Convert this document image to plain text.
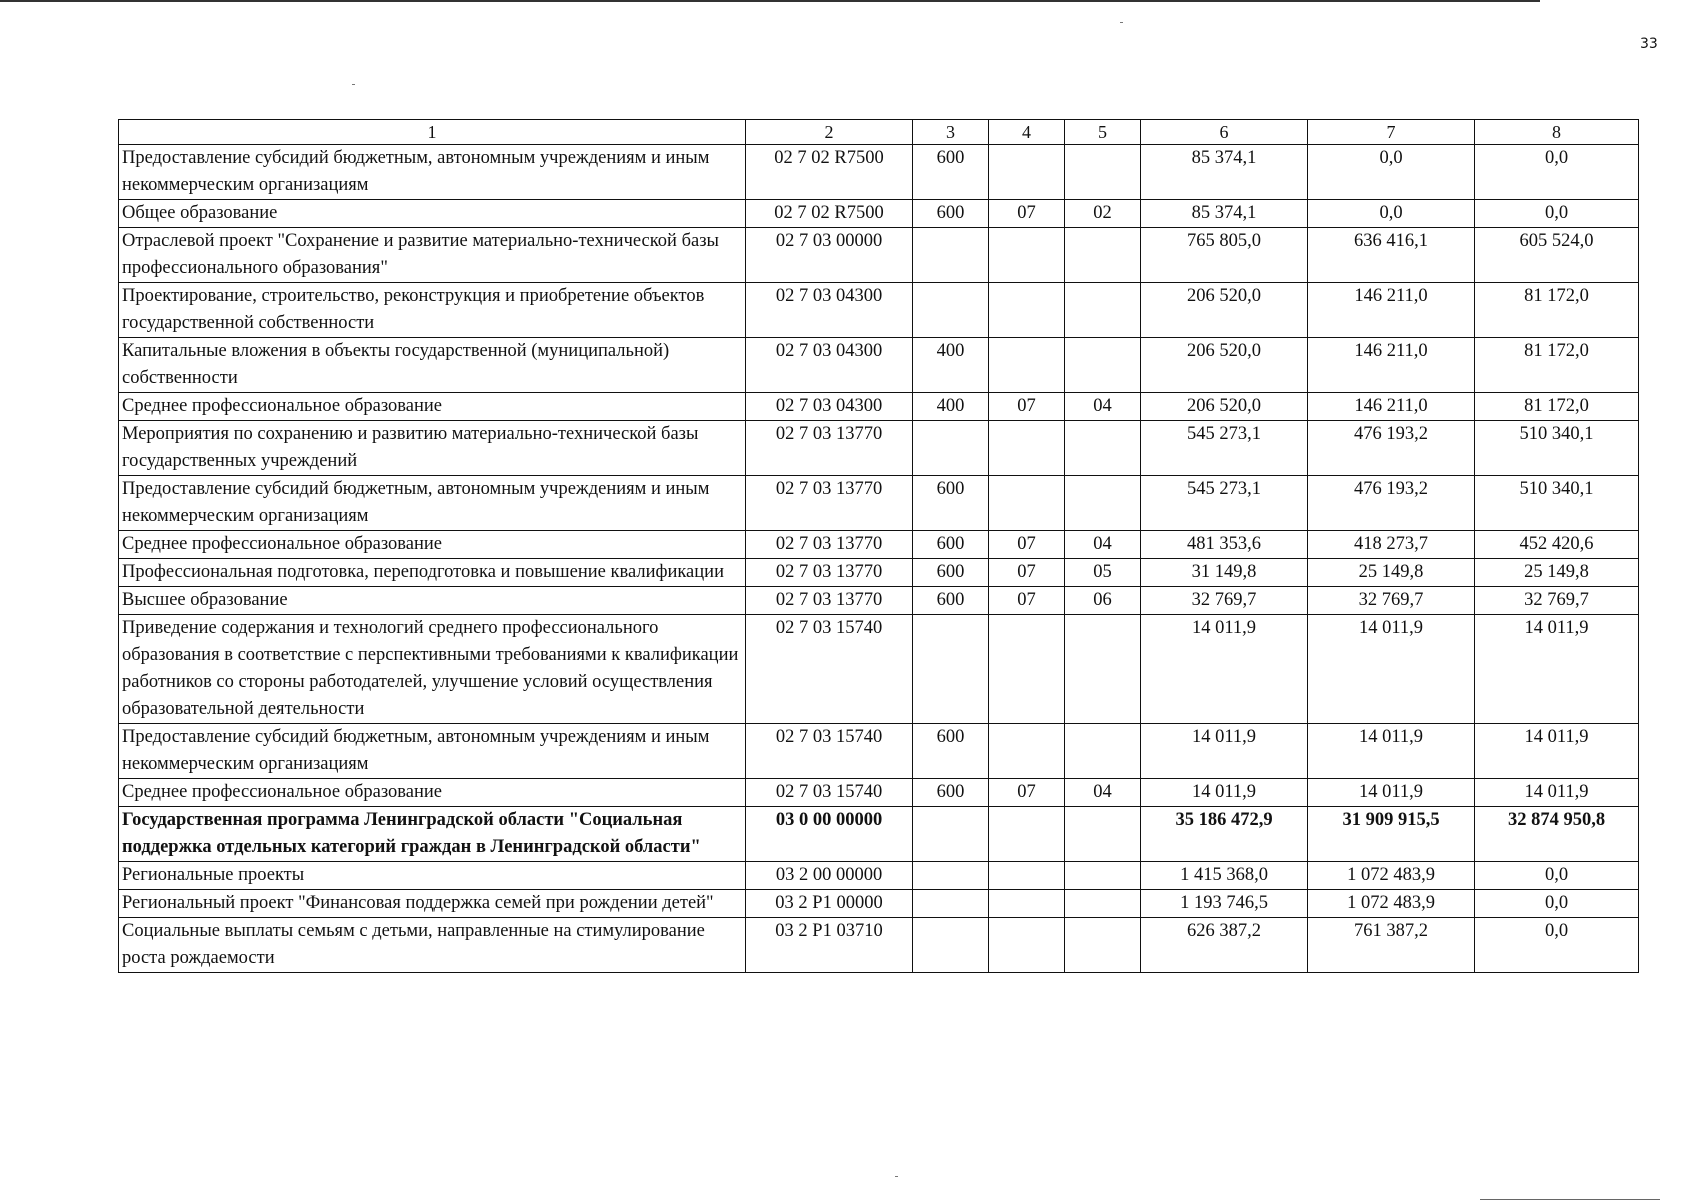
33
1	2	3	4	5	6	7	8
Предоставление субсидий бюджетным, автономным учреждениям и иным некоммерческим организациям	02 7 02 R7500	600			85 374,1	0,0	0,0
Общее образование	02 7 02 R7500	600	07	02	85 374,1	0,0	0,0
Отраслевой проект "Сохранение и развитие материально-технической базы профессионального образования"	02 7 03 00000				765 805,0	636 416,1	605 524,0
Проектирование, строительство, реконструкция и приобретение объектов государственной собственности	02 7 03 04300				206 520,0	146 211,0	81 172,0
Капитальные вложения в объекты государственной (муниципальной) собственности	02 7 03 04300	400			206 520,0	146 211,0	81 172,0
Среднее профессиональное образование	02 7 03 04300	400	07	04	206 520,0	146 211,0	81 172,0
Мероприятия по сохранению и развитию материально-технической базы государственных учреждений	02 7 03 13770				545 273,1	476 193,2	510 340,1
Предоставление субсидий бюджетным, автономным учреждениям и иным некоммерческим организациям	02 7 03 13770	600			545 273,1	476 193,2	510 340,1
Среднее профессиональное образование	02 7 03 13770	600	07	04	481 353,6	418 273,7	452 420,6
Профессиональная подготовка, переподготовка и повышение квалификации	02 7 03 13770	600	07	05	31 149,8	25 149,8	25 149,8
Высшее образование	02 7 03 13770	600	07	06	32 769,7	32 769,7	32 769,7
Приведение содержания и технологий среднего профессионального образования в соответствие с перспективными требованиями к квалификации работников со стороны работодателей, улучшение условий осуществления образовательной деятельности	02 7 03 15740				14 011,9	14 011,9	14 011,9
Предоставление субсидий бюджетным, автономным учреждениям и иным некоммерческим организациям	02 7 03 15740	600			14 011,9	14 011,9	14 011,9
Среднее профессиональное образование	02 7 03 15740	600	07	04	14 011,9	14 011,9	14 011,9
Государственная программа Ленинградской области "Социальная поддержка отдельных категорий граждан в Ленинградской области"	03 0 00 00000				35 186 472,9	31 909 915,5	32 874 950,8
Региональные проекты	03 2 00 00000				1 415 368,0	1 072 483,9	0,0
Региональный проект "Финансовая поддержка семей при рождении детей"	03 2 P1 00000				1 193 746,5	1 072 483,9	0,0
Социальные выплаты семьям с детьми, направленные на стимулирование роста рождаемости	03 2 P1 03710				626 387,2	761 387,2	0,0
